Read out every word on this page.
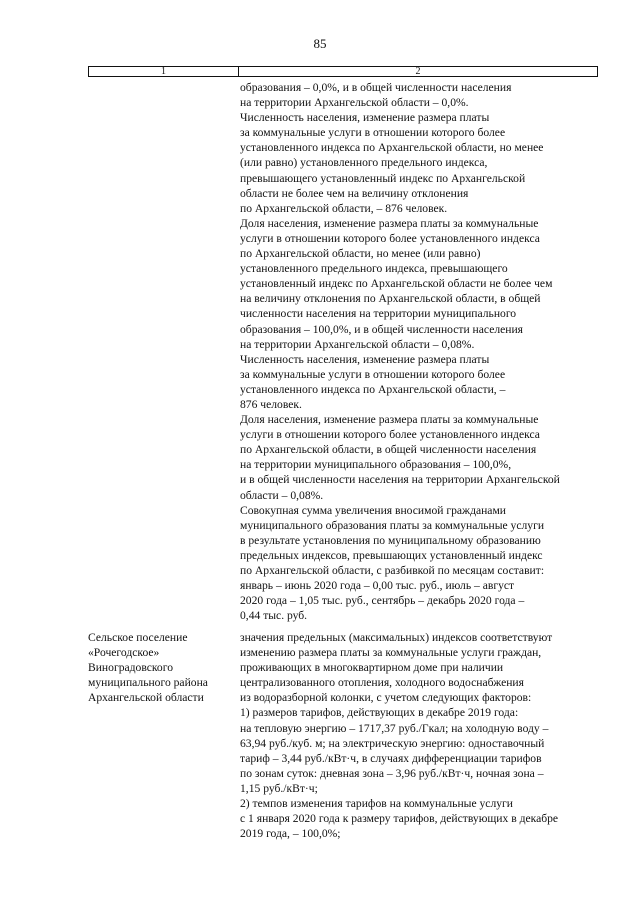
85
1	2
образования – 0,0%, и в общей численности населения
на территории Архангельской области – 0,0%.
Численность населения, изменение размера платы
за коммунальные услуги в отношении которого более
установленного индекса по Архангельской области, но менее
(или равно) установленного предельного индекса,
превышающего установленный индекс по Архангельской
области не более чем на величину отклонения
по Архангельской области, – 876 человек.
Доля населения, изменение размера платы за коммунальные
услуги в отношении которого более установленного индекса
по Архангельской области, но менее (или равно)
установленного предельного индекса, превышающего
установленный индекс по Архангельской области не более чем
на величину отклонения по Архангельской области, в общей
численности населения на территории муниципального
образования – 100,0%, и в общей численности населения
на территории Архангельской области – 0,08%.
Численность населения, изменение размера платы
за коммунальные услуги в отношении которого более
установленного индекса по Архангельской области, –
876 человек.
Доля населения, изменение размера платы за коммунальные
услуги в отношении которого более установленного индекса
по Архангельской области, в общей численности населения
на территории муниципального образования – 100,0%,
и в общей численности населения на территории Архангельской
области – 0,08%.
Совокупная сумма увеличения вносимой гражданами
муниципального образования платы за коммунальные услуги
в результате установления по муниципальному образованию
предельных индексов, превышающих установленный индекс
по Архангельской области, с разбивкой по месяцам составит:
январь – июнь 2020 года – 0,00 тыс. руб., июль – август
2020 года – 1,05 тыс. руб., сентябрь – декабрь 2020 года –
0,44 тыс. руб.
Сельское поселение
«Рочегодское»
Виноградовского
муниципального района
Архангельской области
значения предельных (максимальных) индексов соответствуют
изменению размера платы за коммунальные услуги граждан,
проживающих в многоквартирном доме при наличии
централизованного отопления, холодного водоснабжения
из водоразборной колонки, с учетом следующих факторов:
1) размеров тарифов, действующих в декабре 2019 года:
на тепловую энергию – 1717,37 руб./Гкал; на холодную воду –
63,94 руб./куб. м; на электрическую энергию: одноставочный
тариф – 3,44 руб./кВт·ч, в случаях дифференциации тарифов
по зонам суток: дневная зона – 3,96 руб./кВт·ч, ночная зона –
1,15 руб./кВт·ч;
2) темпов изменения тарифов на коммунальные услуги
с 1 января 2020 года к размеру тарифов, действующих в декабре
2019 года, – 100,0%;
